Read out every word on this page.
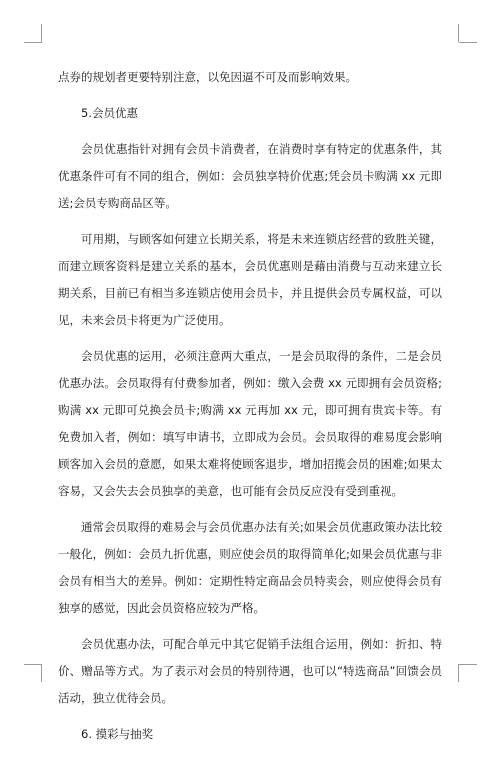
点券的规划者更要特别注意，以免因逼不可及而影响效果。

5.会员优惠

会员优惠指针对拥有会员卡消费者，在消费时享有特定的优惠条件，其优惠条件可有不同的组合，例如：会员独享特价优惠;凭会员卡购满 xx 元即送;会员专购商品区等。

可用期，与顾客如何建立长期关系，将是未来连锁店经营的致胜关键，而建立顾客资料是建立关系的基本，会员优惠则是藉由消费与互动来建立长期关系，目前已有相当多连锁店使用会员卡，并且提供会员专属权益，可以见，未来会员卡将更为广泛使用。

会员优惠的运用，必须注意两大重点，一是会员取得的条件，二是会员优惠办法。会员取得有付费参加者，例如：缴入会费 xx 元即拥有会员资格;购满 xx 元即可兑换会员卡;购满 xx 元再加 xx 元，即可拥有贵宾卡等。有免费加入者，例如：填写申请书，立即成为会员。会员取得的难易度会影响顾客加入会员的意愿，如果太难将使顾客退步，增加招揽会员的困难;如果太容易，又会失去会员独享的美意，也可能有会员反应没有受到重视。

通常会员取得的难易会与会员优惠办法有关;如果会员优惠政策办法比较一般化，例如：会员九折优惠，则应使会员的取得简单化;如果会员优惠与非会员有相当大的差异。例如：定期性特定商品会员特卖会，则应使得会员有独享的感觉，因此会员资格应较为严格。

会员优惠办法，可配合单元中其它促销手法组合运用，例如：折扣、特价、赠品等方式。为了表示对会员的特别待遇，也可以“特选商品”回馈会员活动，独立优待会员。

6. 摸彩与抽奖
